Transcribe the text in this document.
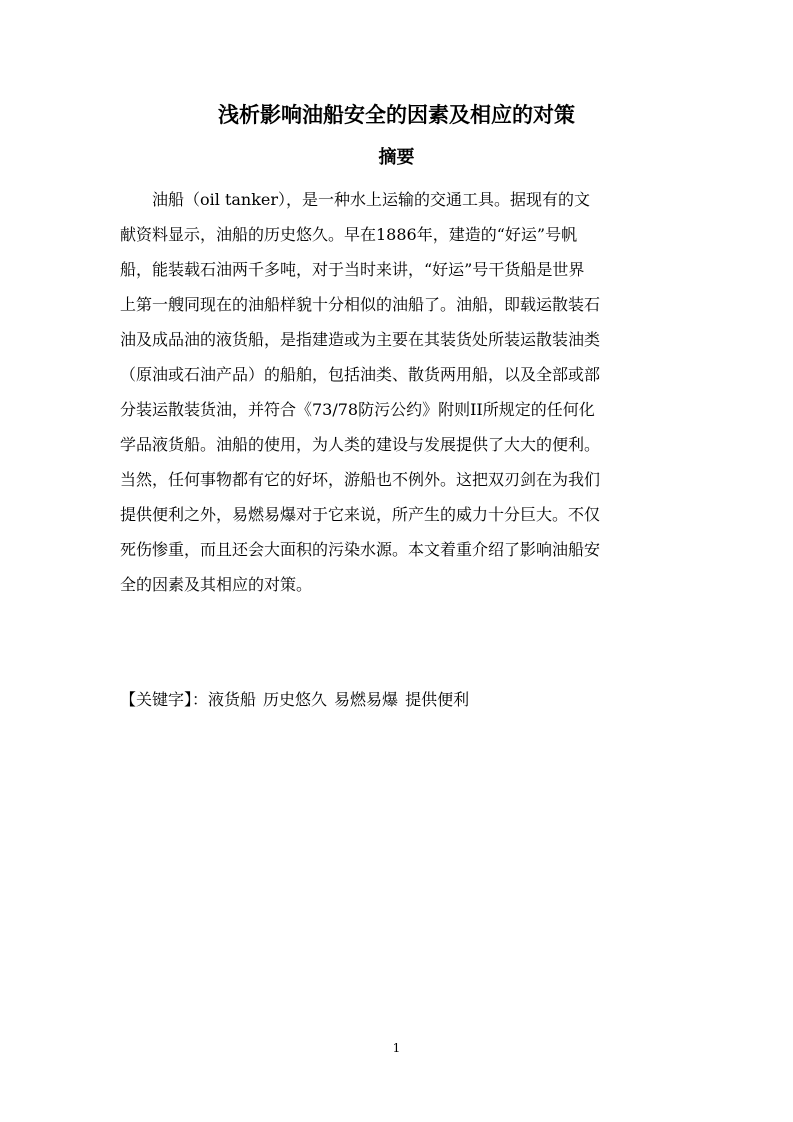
浅析影响油船安全的因素及相应的对策
摘要
油船（oil tanker），是一种水上运输的交通工具。据现有的文
献资料显示，油船的历史悠久。早在1886年，建造的“好运”号帆
船，能装载石油两千多吨，对于当时来讲，“好运”号干货船是世界
上第一艘同现在的油船样貌十分相似的油船了。油船，即载运散装石
油及成品油的液货船，是指建造或为主要在其装货处所装运散装油类
（原油或石油产品）的船舶，包括油类、散货两用船，以及全部或部
分装运散装货油，并符合《73/78防污公约》附则II所规定的任何化
学品液货船。油船的使用，为人类的建设与发展提供了大大的便利。
当然，任何事物都有它的好坏，游船也不例外。这把双刃剑在为我们
提供便利之外，易燃易爆对于它来说，所产生的威力十分巨大。不仅
死伤惨重，而且还会大面积的污染水源。本文着重介绍了影响油船安
全的因素及其相应的对策。

【关键字】：液货船 历史悠久 易燃易爆 提供便利

1
